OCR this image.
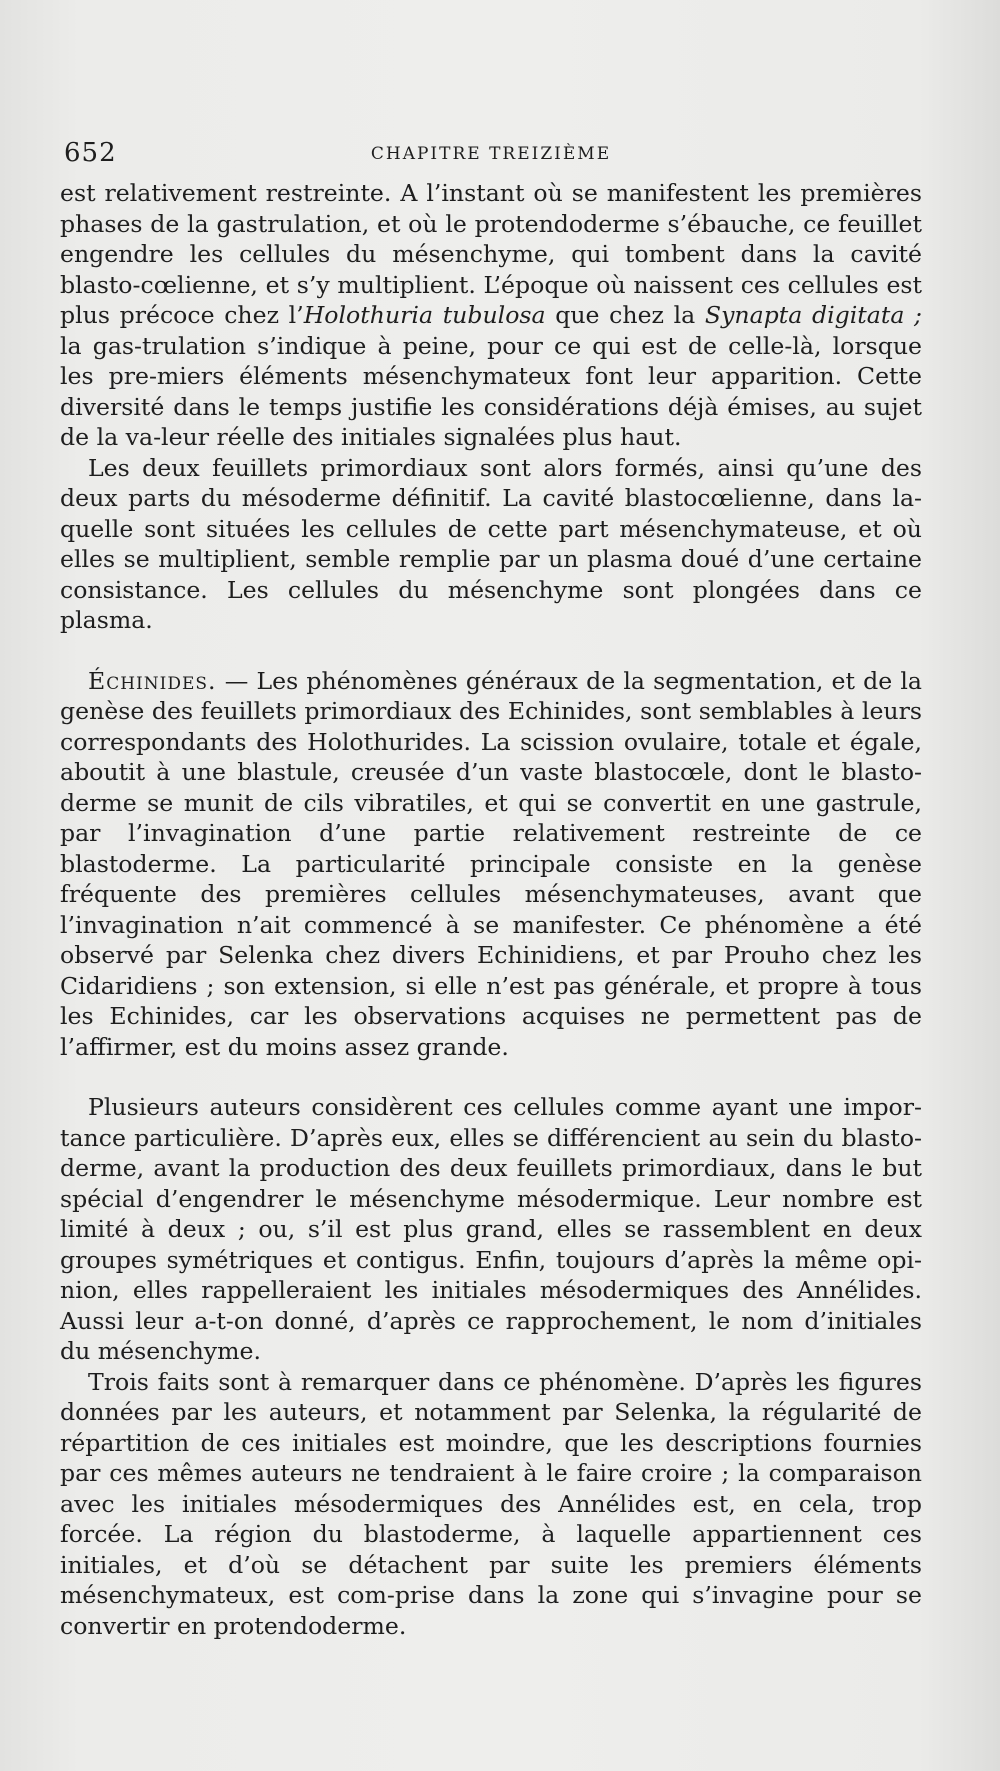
652	CHAPITRE TREIZIÈME

est relativement restreinte. A l’instant où se manifestent les premières phases de la gastrulation, et où le protendoderme s’ébauche, ce feuillet engendre les cellules du mésenchyme, qui tombent dans la cavité blasto-cœlienne, et s’y multiplient. L’époque où naissent ces cellules est plus précoce chez l’Holothuria tubulosa que chez la Synapta digitata ; la gas-trulation s’indique à peine, pour ce qui est de celle-là, lorsque les pre-miers éléments mésenchymateux font leur apparition. Cette diversité dans le temps justifie les considérations déjà émises, au sujet de la va-leur réelle des initiales signalées plus haut.

Les deux feuillets primordiaux sont alors formés, ainsi qu’une des deux parts du mésoderme définitif. La cavité blastocœlienne, dans la-quelle sont situées les cellules de cette part mésenchymateuse, et où elles se multiplient, semble remplie par un plasma doué d’une certaine consistance. Les cellules du mésenchyme sont plongées dans ce plasma.

Échinides. — Les phénomènes généraux de la segmentation, et de la genèse des feuillets primordiaux des Echinides, sont semblables à leurs correspondants des Holothurides. La scission ovulaire, totale et égale, aboutit à une blastule, creusée d’un vaste blastocœle, dont le blasto-derme se munit de cils vibratiles, et qui se convertit en une gastrule, par l’invagination d’une partie relativement restreinte de ce blastoderme. La particularité principale consiste en la genèse fréquente des premières cellules mésenchymateuses, avant que l’invagination n’ait commencé à se manifester. Ce phénomène a été observé par Selenka chez divers Echinidiens, et par Prouho chez les Cidaridiens ; son extension, si elle n’est pas générale, et propre à tous les Echinides, car les observations acquises ne permettent pas de l’affirmer, est du moins assez grande.

Plusieurs auteurs considèrent ces cellules comme ayant une impor-tance particulière. D’après eux, elles se différencient au sein du blasto-derme, avant la production des deux feuillets primordiaux, dans le but spécial d’engendrer le mésenchyme mésodermique. Leur nombre est limité à deux ; ou, s’il est plus grand, elles se rassemblent en deux groupes symétriques et contigus. Enfin, toujours d’après la même opi-nion, elles rappelleraient les initiales mésodermiques des Annélides. Aussi leur a-t-on donné, d’après ce rapprochement, le nom d’initiales du mésenchyme.

Trois faits sont à remarquer dans ce phénomène. D’après les figures données par les auteurs, et notamment par Selenka, la régularité de répartition de ces initiales est moindre, que les descriptions fournies par ces mêmes auteurs ne tendraient à le faire croire ; la comparaison avec les initiales mésodermiques des Annélides est, en cela, trop forcée. La région du blastoderme, à laquelle appartiennent ces initiales, et d’où se détachent par suite les premiers éléments mésenchymateux, est com-prise dans la zone qui s’invagine pour se convertir en protendoderme.
